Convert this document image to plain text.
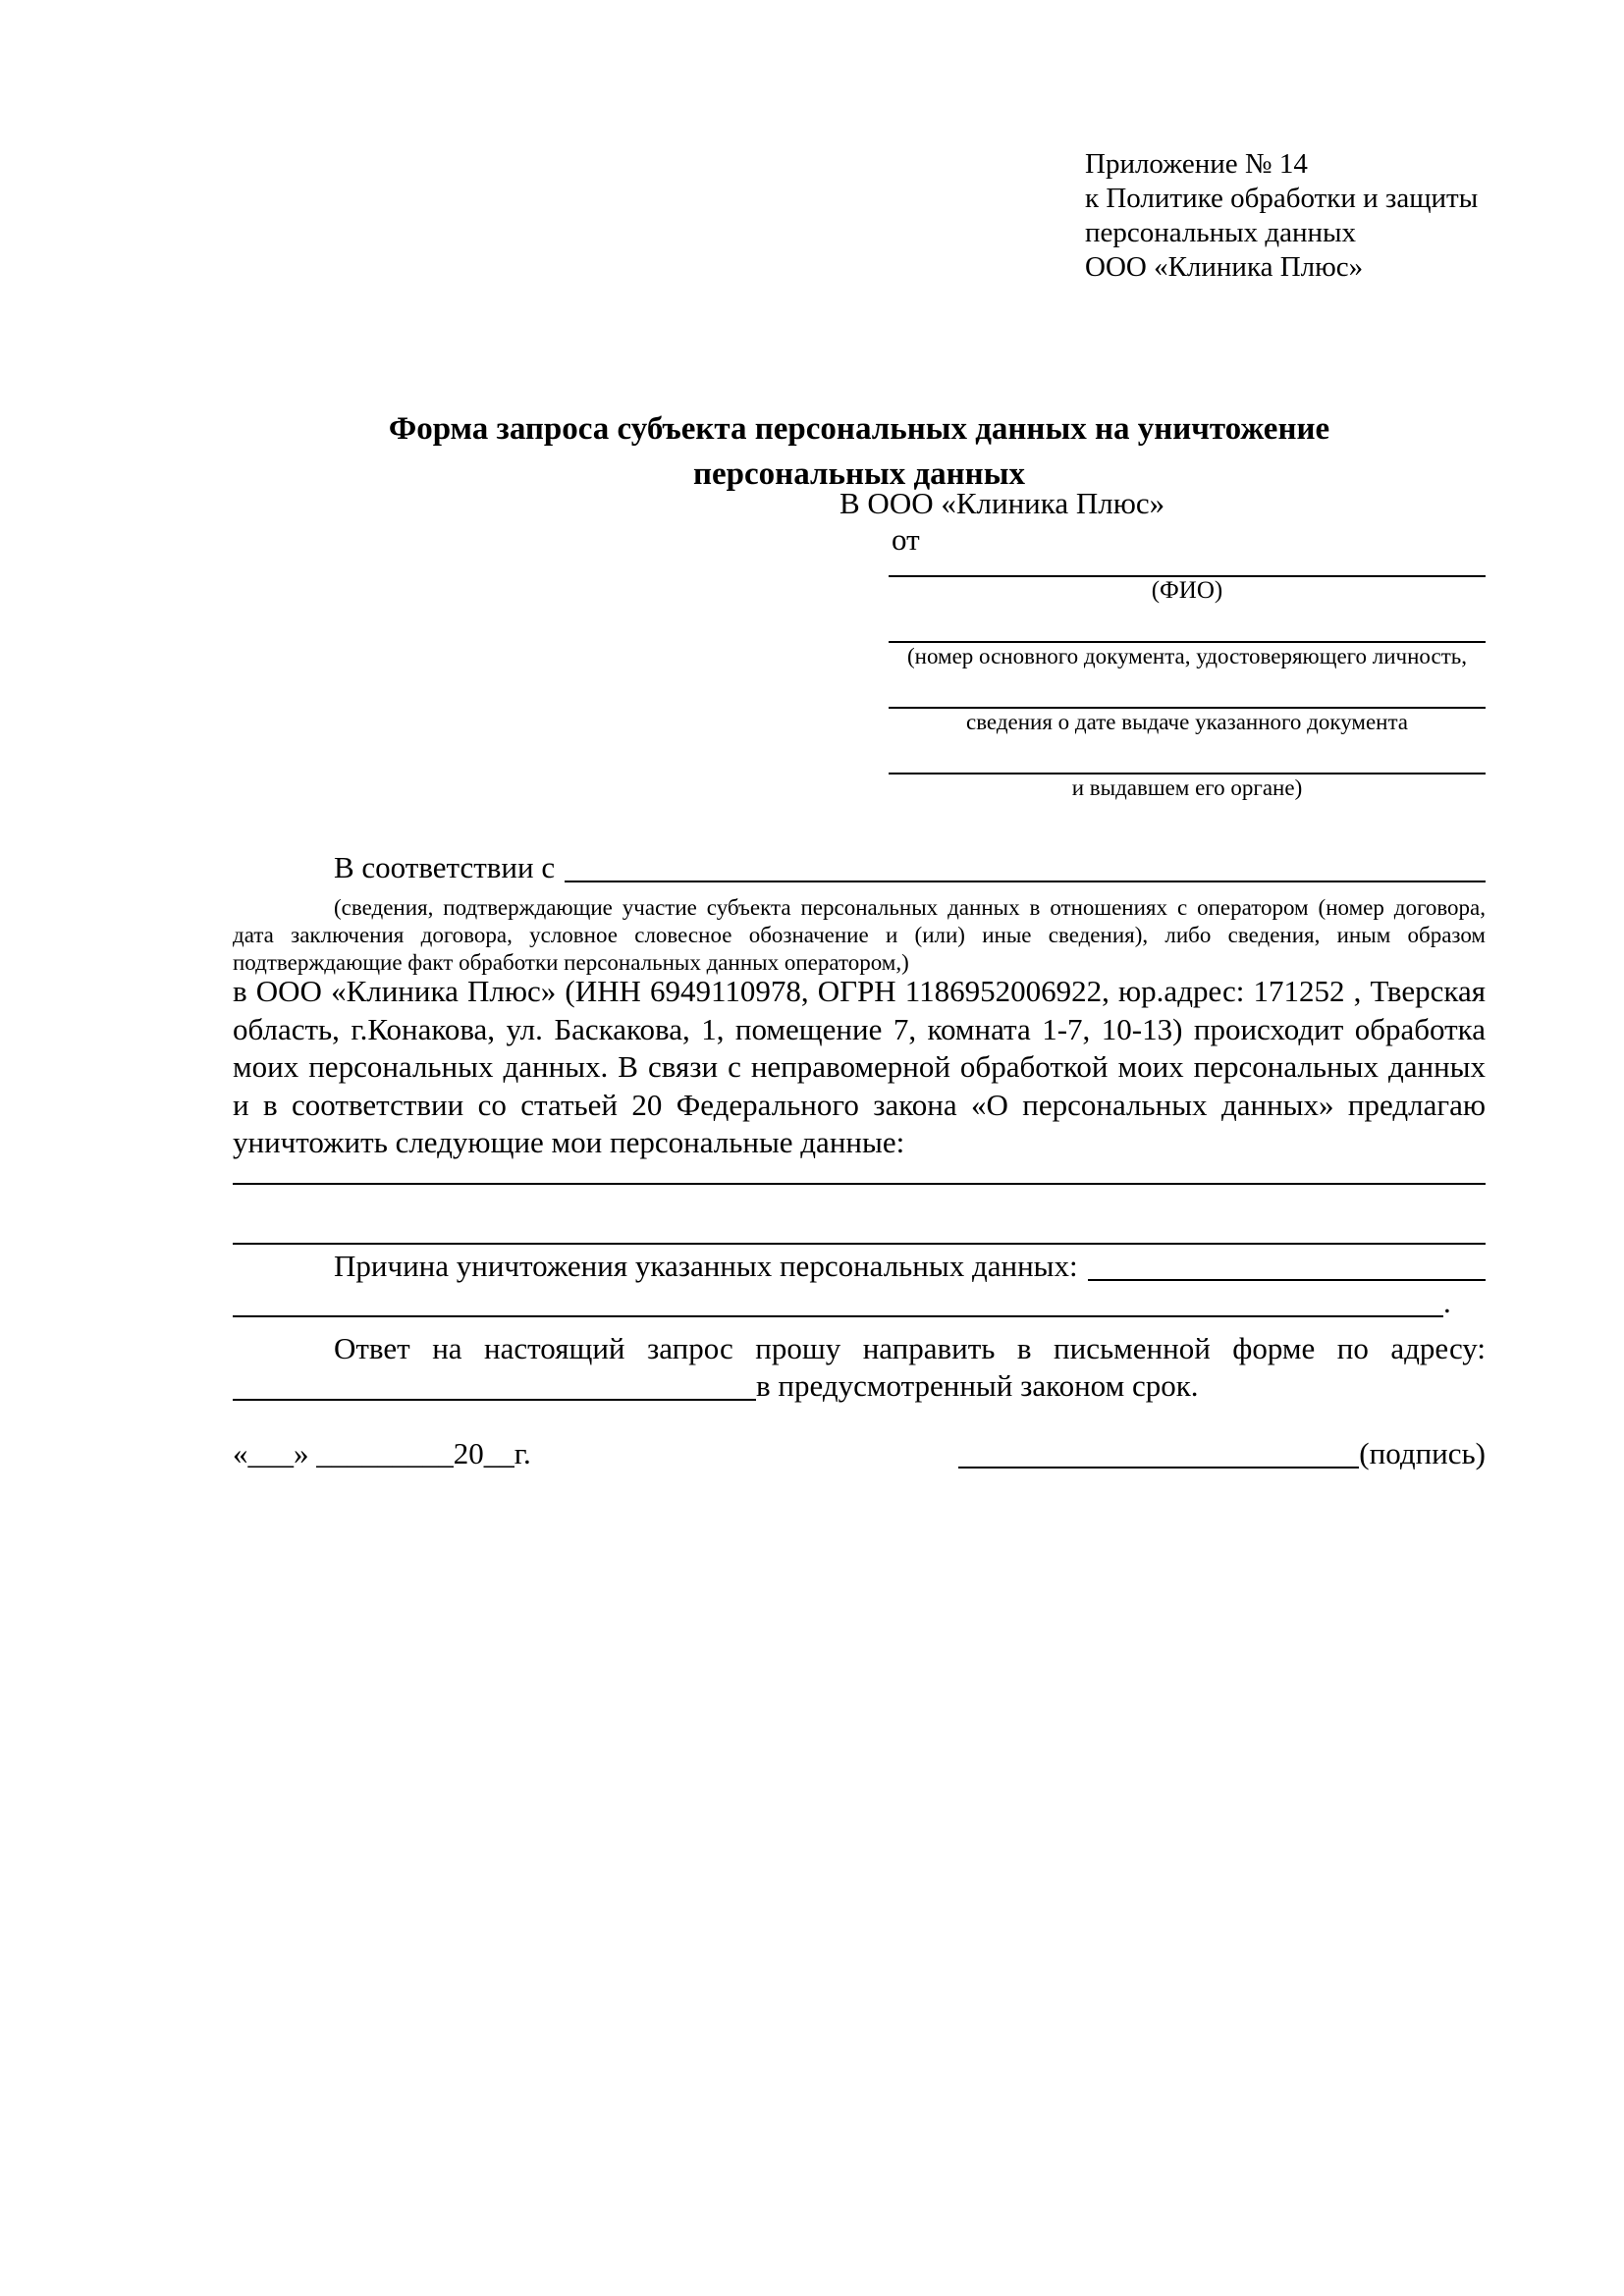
Приложение № 14
к Политике обработки и защиты
персональных данных
ООО «Клиника Плюс»
Форма запроса субъекта персональных данных на уничтожение
персональных данных
В ООО «Клиника Плюс»
от
(ФИО)
(номер основного документа, удостоверяющего личность,
сведения о дате выдаче указанного документа
и выдавшем его органе)
В соответствии с
(сведения, подтверждающие участие субъекта персональных данных в отношениях с оператором (номер договора, дата заключения договора, условное словесное обозначение и (или) иные сведения), либо сведения, иным образом подтверждающие факт обработки персональных данных оператором,)
в ООО «Клиника Плюс» (ИНН 6949110978, ОГРН 1186952006922, юр.адрес: 171252 , Тверская область, г.Конакова, ул. Баскакова, 1, помещение 7, комната 1-7, 10-13) происходит обработка моих персональных данных. В связи с неправомерной обработкой моих персональных данных и в соответствии со статьей 20 Федерального закона «О персональных данных» предлагаю уничтожить следующие мои персональные данные:
Причина уничтожения указанных персональных данных:
.
Ответ на настоящий запрос прошу направить в письменной форме по адресу:
в предусмотренный законом срок.
«___» _________20__г.	(подпись)
